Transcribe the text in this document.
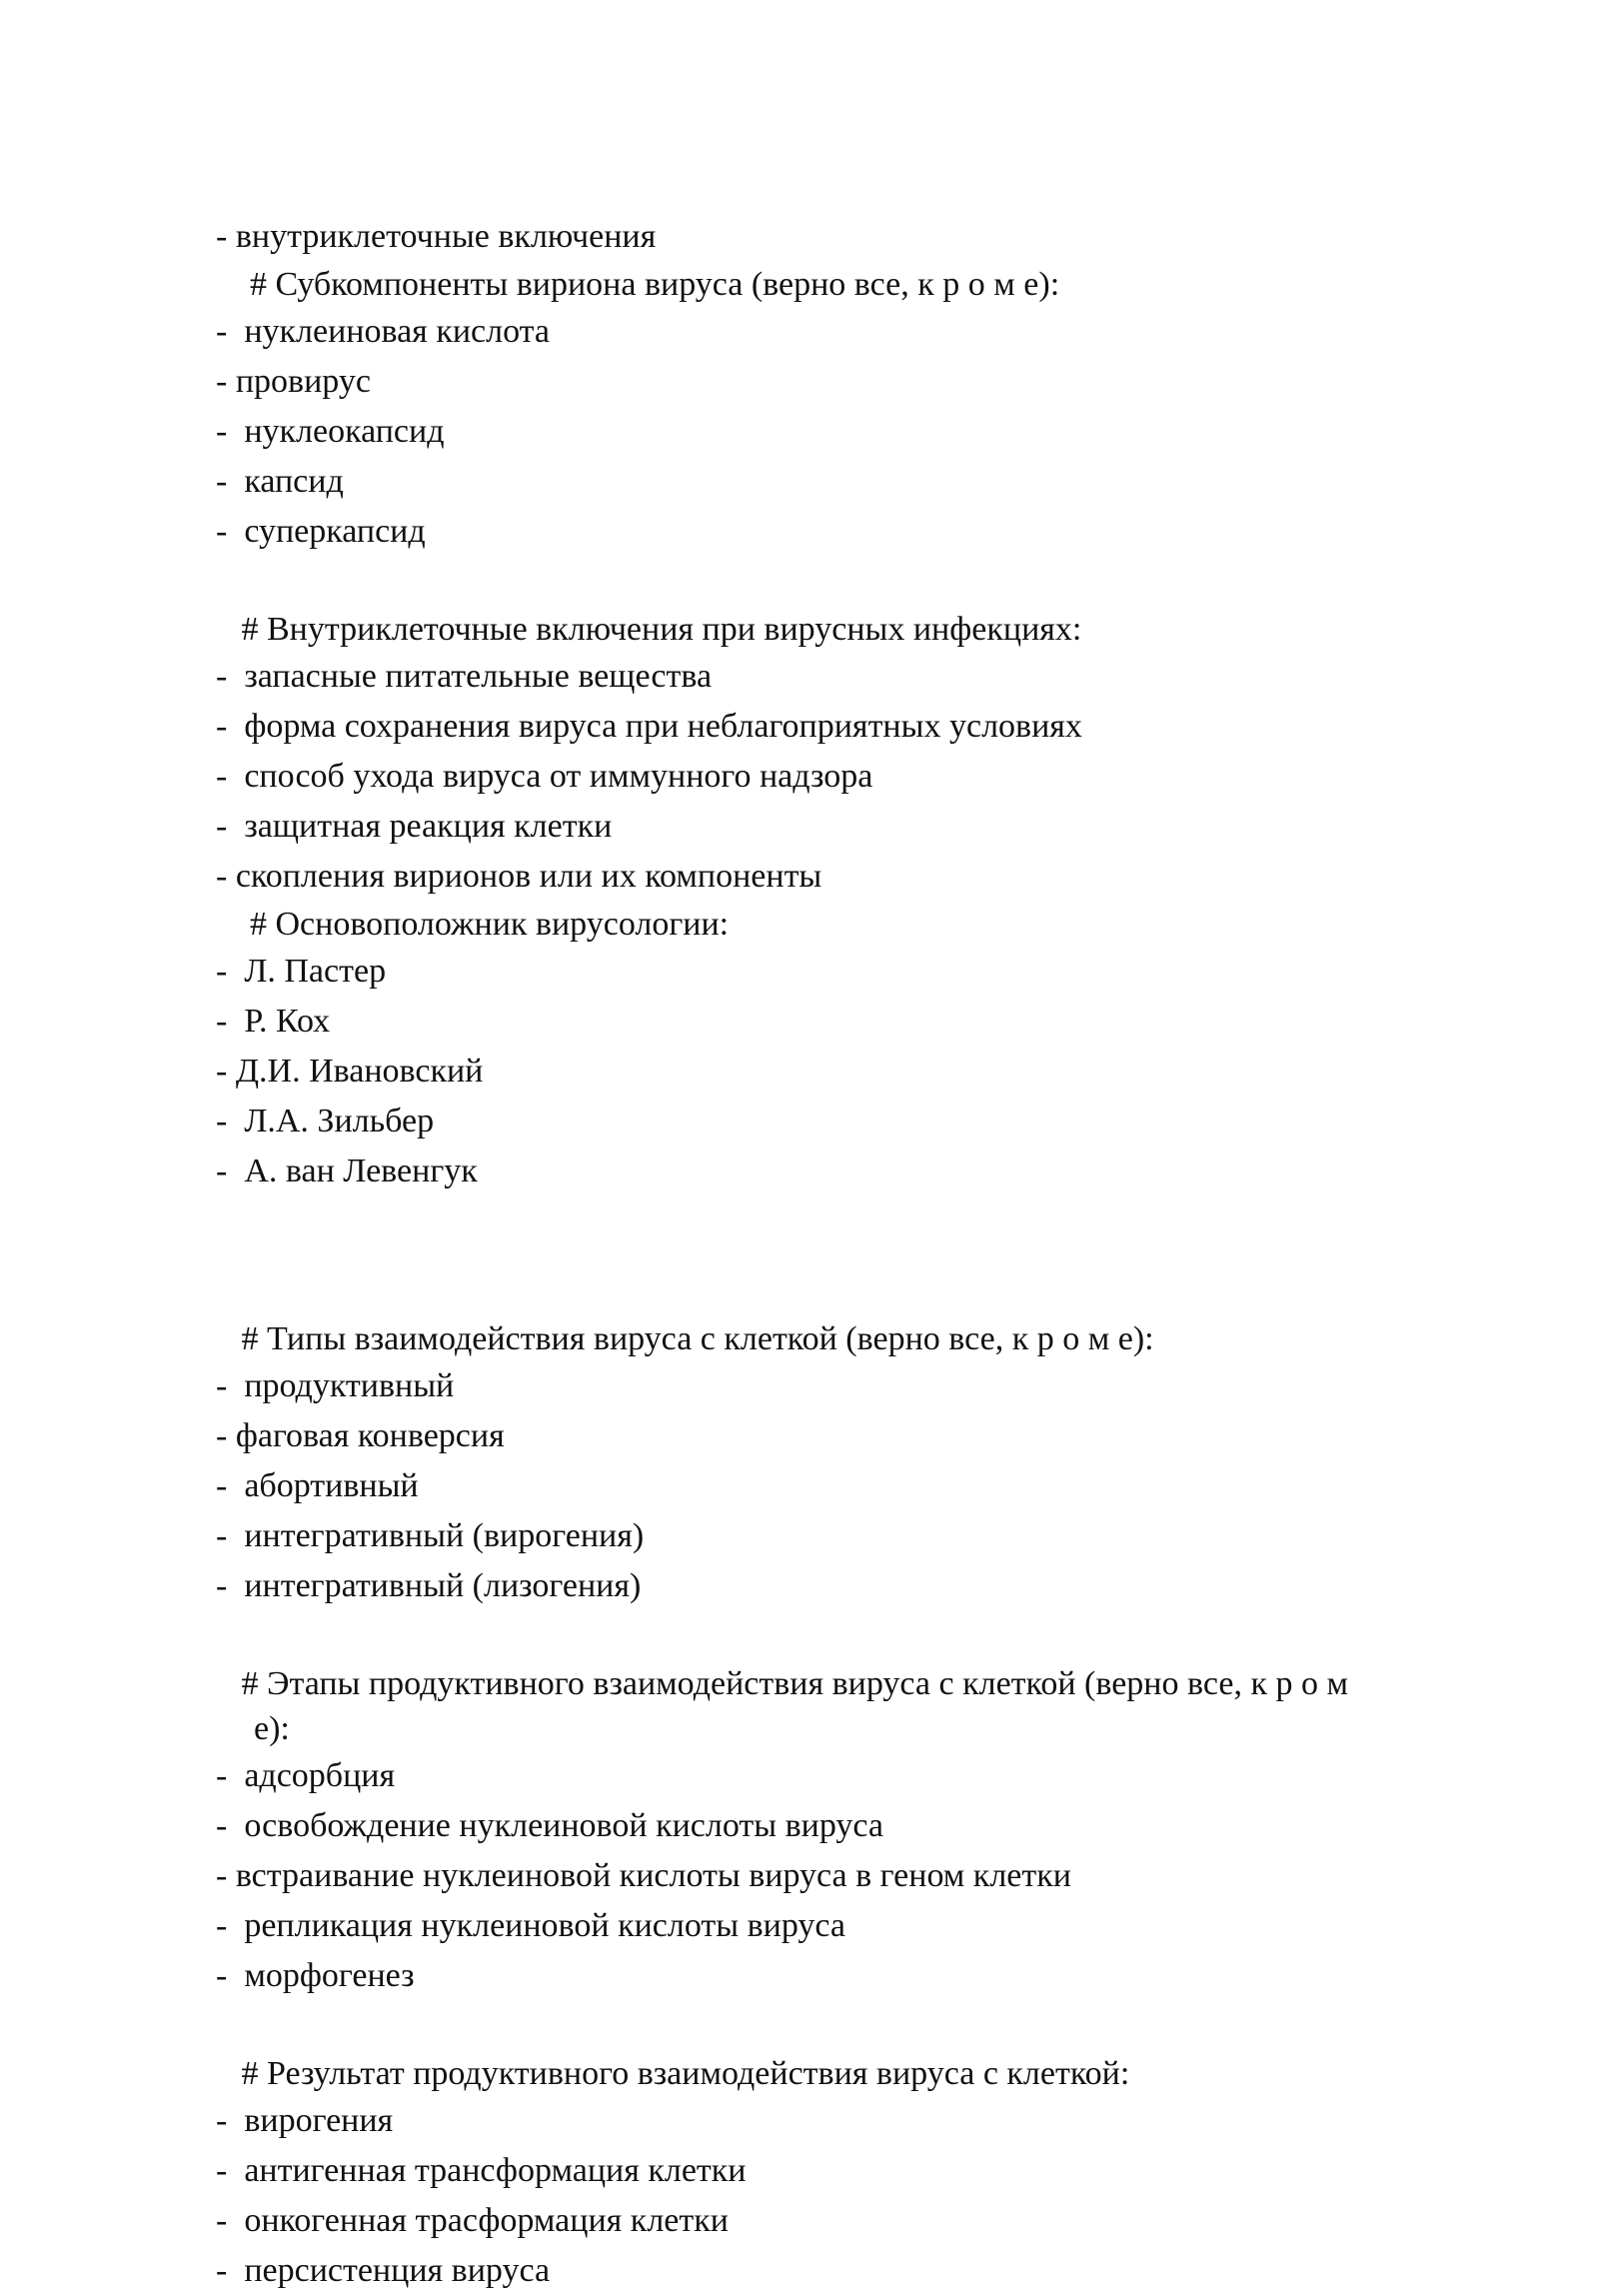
- внутриклеточные включения
# Субкомпоненты вириона вируса (верно все, к р о м е):
-  нуклеиновая кислота
- провирус
-  нуклеокапсид
-  капсид
-  суперкапсид
# Внутриклеточные включения при вирусных инфекциях:
-  запасные питательные вещества
-  форма сохранения вируса при неблагоприятных условиях
-  способ ухода вируса от иммунного надзора
-  защитная реакция клетки
- скопления вирионов или их компоненты
# Основоположник вирусологии:
-  Л. Пастер
-  Р. Кох
- Д.И. Ивановский
-  Л.А. Зильбер
-  А. ван Левенгук
# Типы взаимодействия вируса с клеткой (верно все, к р о м е):
-  продуктивный
- фаговая конверсия
-  абортивный
-  интегративный (вирогения)
-  интегративный (лизогения)
# Этапы продуктивного взаимодействия вируса с клеткой (верно все, к р о м
е):
-  адсорбция
-  освобождение нуклеиновой кислоты вируса
- встраивание нуклеиновой кислоты вируса в геном клетки
-  репликация нуклеиновой кислоты вируса
-  морфогенез
# Результат продуктивного взаимодействия вируса с клеткой:
-  вирогения
-  антигенная трансформация клетки
-  онкогенная трасформация клетки
-  персистенция вируса
